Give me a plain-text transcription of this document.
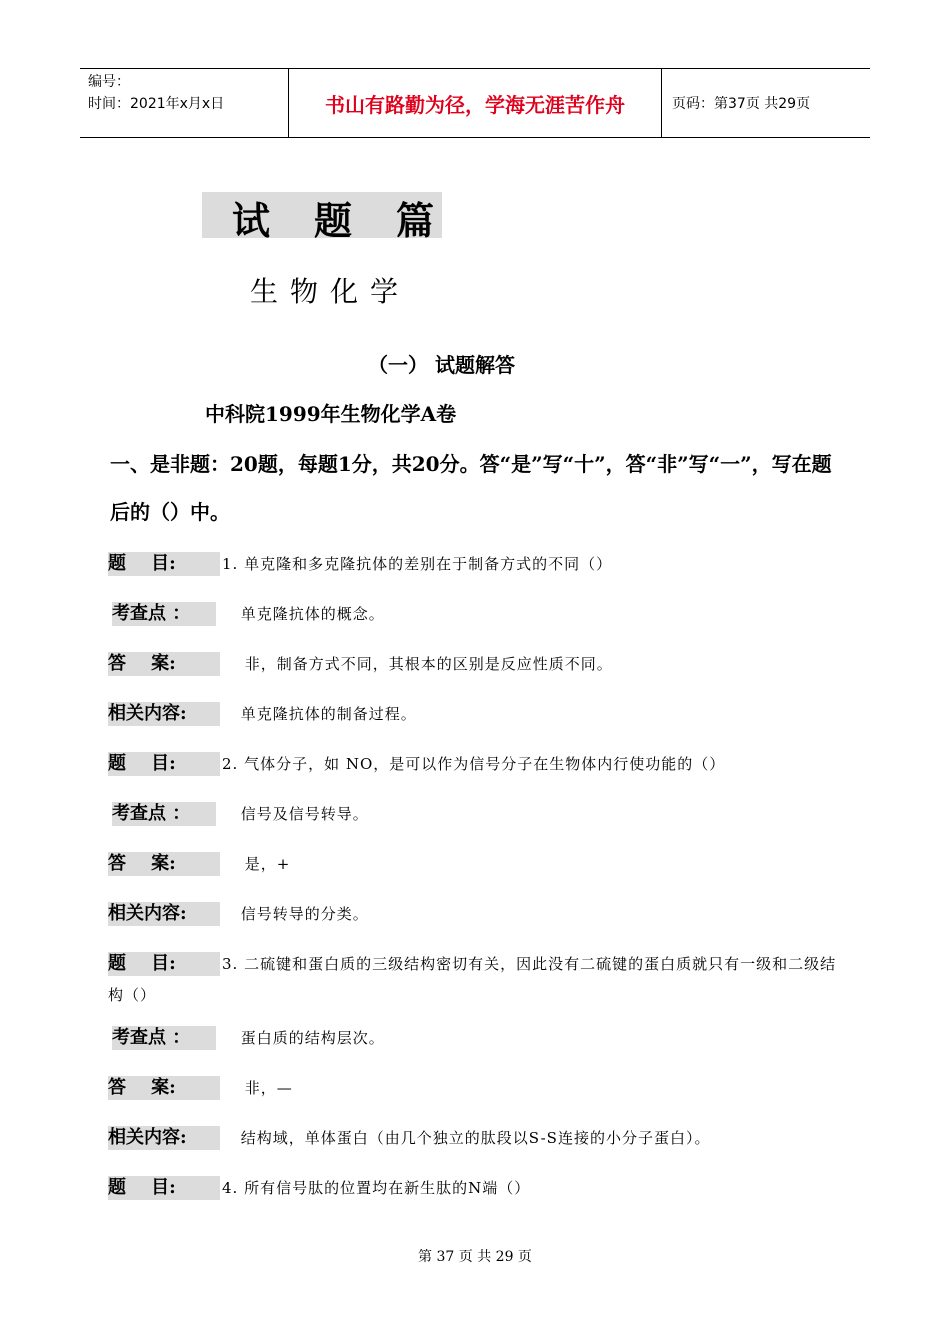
编号：
时间：2021年x月x日	书山有路勤为径，学海无涯苦作舟	页码：第37页 共29页
试题篇
生物化学
（一） 试题解答
中科院1999年生物化学A卷
一、是非题：20题，每题1分，共20分。答“是”写“十”，答“非”写“一”，写在题后的（）中。
题    目:	1. 单克隆和多克隆抗体的差别在于制备方式的不同（）
考查点 ：	单克隆抗体的概念。
答    案:	非，制备方式不同，其根本的区别是反应性质不同。
相关内容:	单克隆抗体的制备过程。
题    目:	2. 气体分子，如 NO，是可以作为信号分子在生物体内行使功能的（）
考查点 ：	信号及信号转导。
答    案:	是，+
相关内容:	信号转导的分类。
题    目:	3. 二硫键和蛋白质的三级结构密切有关，因此没有二硫键的蛋白质就只有一级和二级结构（）
考查点 ：	蛋白质的结构层次。
答    案:	非，—
相关内容:	结构域，单体蛋白（由几个独立的肽段以S-S连接的小分子蛋白）。
题    目:	4. 所有信号肽的位置均在新生肽的N端（）
第 37 页 共 29 页
